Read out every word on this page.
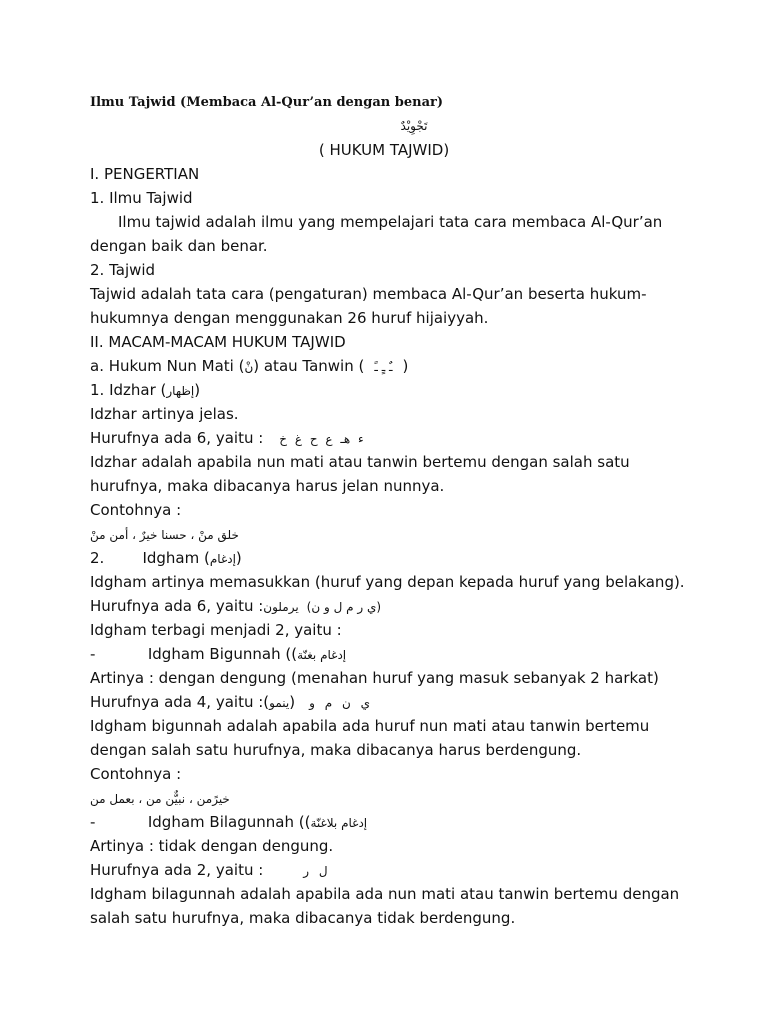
Ilmu Tajwid (Membaca Al-Qur’an dengan benar)

تَجْوِيْدٌ

( HUKUM TAJWID)

I. PENGERTIAN

1. Ilmu Tajwid

Ilmu tajwid adalah ilmu yang mempelajari tata cara membaca Al-Qur’an

dengan baik dan benar.

2. Tajwid

Tajwid adalah tata cara (pengaturan) membaca Al-Qur’an beserta hukum-

hukumnya dengan menggunakan 26 huruf hijaiyyah.

II. MACAM-MACAM HUKUM TAJWID

a. Hukum Nun Mati (نْ) atau Tanwin ( ـٌ ـٍ ـً )

1. Idzhar (إظهار)

Idzhar artinya jelas.

Hurufnya ada 6, yaitu : ء هـ ع ح غ خ

Idzhar adalah apabila nun mati atau tanwin bertemu dengan salah satu

hurufnya, maka dibacanya harus jelan nunnya.

Contohnya :

خلق منْ ، حسنا خيرٌ ، أمن منْ

2.        Idgham (إدغام)

Idgham artinya memasukkan (huruf yang depan kepada huruf yang belakang).

Hurufnya ada 6, yaitu :يرملون (ي ر م ل و ن)

Idgham terbagi menjadi 2, yaitu :

-           Idgham Bigunnah ((إدغام بغنّة

Artinya : dengan dengung (menahan huruf yang masuk sebanyak 2 harkat)

Hurufnya ada 4, yaitu :(ينمو) ي ن م و

Idgham bigunnah adalah apabila ada huruf nun mati atau tanwin bertemu

dengan salah satu hurufnya, maka dibacanya harus berdengung.

Contohnya :

خيرًمن ، نبيٌّن من ، بعمل من

-           Idgham Bilagunnah ((إدغام بلاغنّة

Artinya : tidak dengan dengung.

Hurufnya ada 2, yaitu :	ل ر

Idgham bilagunnah adalah apabila ada nun mati atau tanwin bertemu dengan

salah satu hurufnya, maka dibacanya tidak berdengung.
